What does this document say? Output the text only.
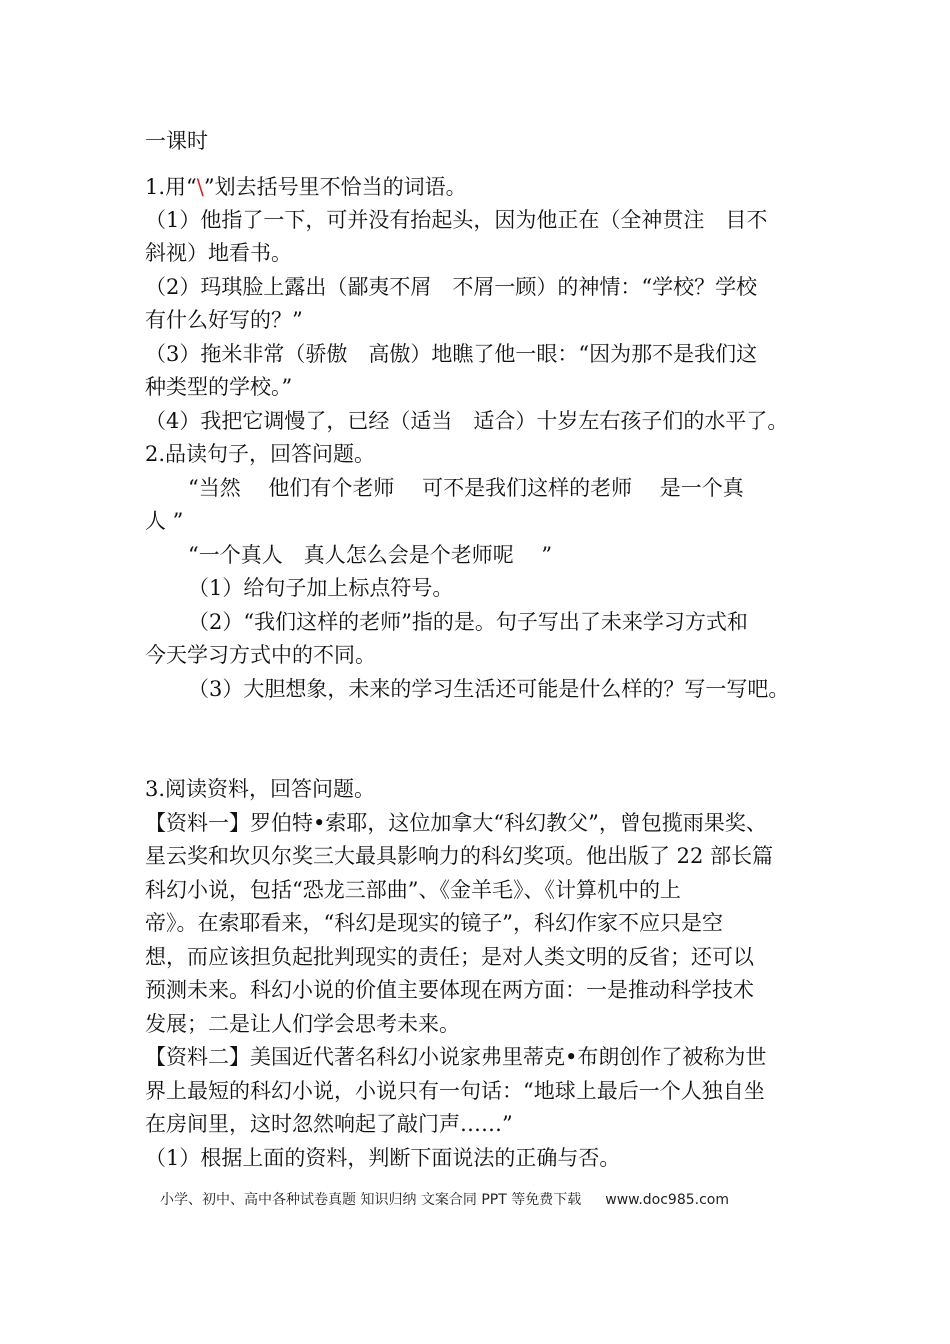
一课时
1.用“\”划去括号里不恰当的词语。
（1）他指了一下，可并没有抬起头，因为他正在（全神贯注　目不
斜视）地看书。
（2）玛琪脸上露出（鄙夷不屑　不屑一顾）的神情：“学校？学校
有什么好写的？”
（3）拖米非常（骄傲　高傲）地瞧了他一眼：“因为那不是我们这
种类型的学校。”
（4）我把它调慢了，已经（适当　适合）十岁左右孩子们的水平了。
2.品读句子，回答问题。
“当然　 他们有个老师　 可不是我们这样的老师　 是一个真
人 ”
“一个真人　真人怎么会是个老师呢　 ”
（1）给句子加上标点符号。
（2）“我们这样的老师”指的是。句子写出了未来学习方式和
今天学习方式中的不同。
（3）大胆想象，未来的学习生活还可能是什么样的？写一写吧。
3.阅读资料，回答问题。
【资料一】罗伯特•索耶，这位加拿大“科幻教父”，曾包揽雨果奖、
星云奖和坎贝尔奖三大最具影响力的科幻奖项。他出版了 22 部长篇
科幻小说，包括“恐龙三部曲”、《金羊毛》、《计算机中的上
帝》。在索耶看来，“科幻是现实的镜子”，科幻作家不应只是空
想，而应该担负起批判现实的责任；是对人类文明的反省；还可以
预测未来。科幻小说的价值主要体现在两方面：一是推动科学技术
发展；二是让人们学会思考未来。
【资料二】美国近代著名科幻小说家弗里蒂克•布朗创作了被称为世
界上最短的科幻小说，小说只有一句话：“地球上最后一个人独自坐
在房间里，这时忽然响起了敲门声……”
（1）根据上面的资料，判断下面说法的正确与否。
小学、初中、高中各种试卷真题 知识归纳 文案合同 PPT 等免费下载 www.doc985.com
